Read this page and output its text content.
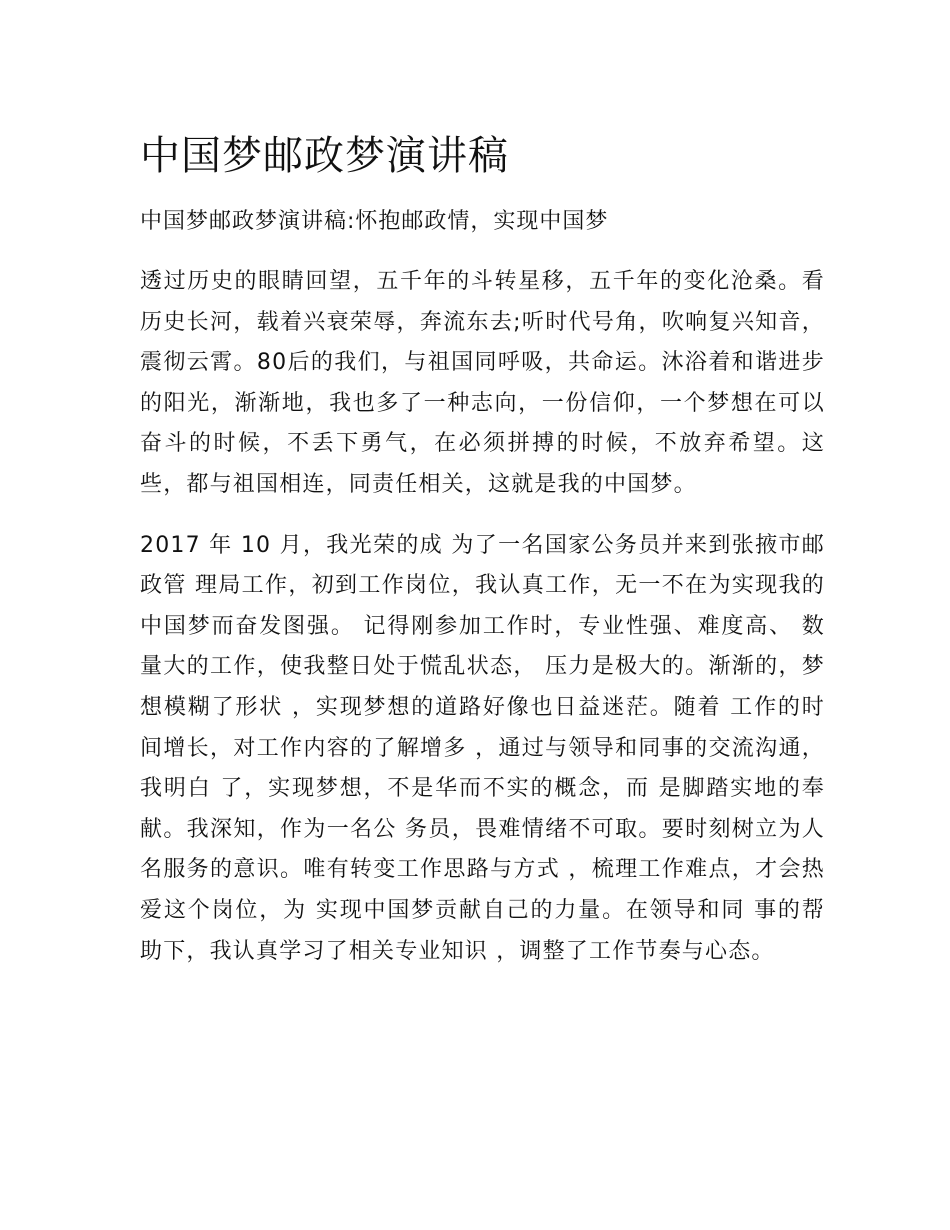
中国梦邮政梦演讲稿

中国梦邮政梦演讲稿:怀抱邮政情，实现中国梦

透过历史的眼睛回望，五千年的斗转星移，五千年的变化沧桑。看历史长河，载着兴衰荣辱，奔流东去;听时代号角，吹响复兴知音，震彻云霄。80后的我们，与祖国同呼吸，共命运。沐浴着和谐进步的阳光，渐渐地，我也多了一种志向，一份信仰，一个梦想在可以奋斗的时候，不丢下勇气，在必须拼搏的时候，不放弃希望。这些，都与祖国相连，同责任相关，这就是我的中国梦。

2017 年 10 月，我光荣的成 为了一名国家公务员并来到张掖市邮政管 理局工作，初到工作岗位，我认真工作，无一不在为实现我的中国梦而奋发图强。 记得刚参加工作时，专业性强、难度高、 数量大的工作，使我整日处于慌乱状态， 压力是极大的。渐渐的，梦想模糊了形状 ，实现梦想的道路好像也日益迷茫。随着 工作的时间增长，对工作内容的了解增多 ，通过与领导和同事的交流沟通，我明白 了，实现梦想，不是华而不实的概念，而 是脚踏实地的奉献。我深知，作为一名公 务员，畏难情绪不可取。要时刻树立为人 名服务的意识。唯有转变工作思路与方式 ，梳理工作难点，才会热爱这个岗位，为 实现中国梦贡献自己的力量。在领导和同 事的帮助下，我认真学习了相关专业知识 ，调整了工作节奏与心态。
